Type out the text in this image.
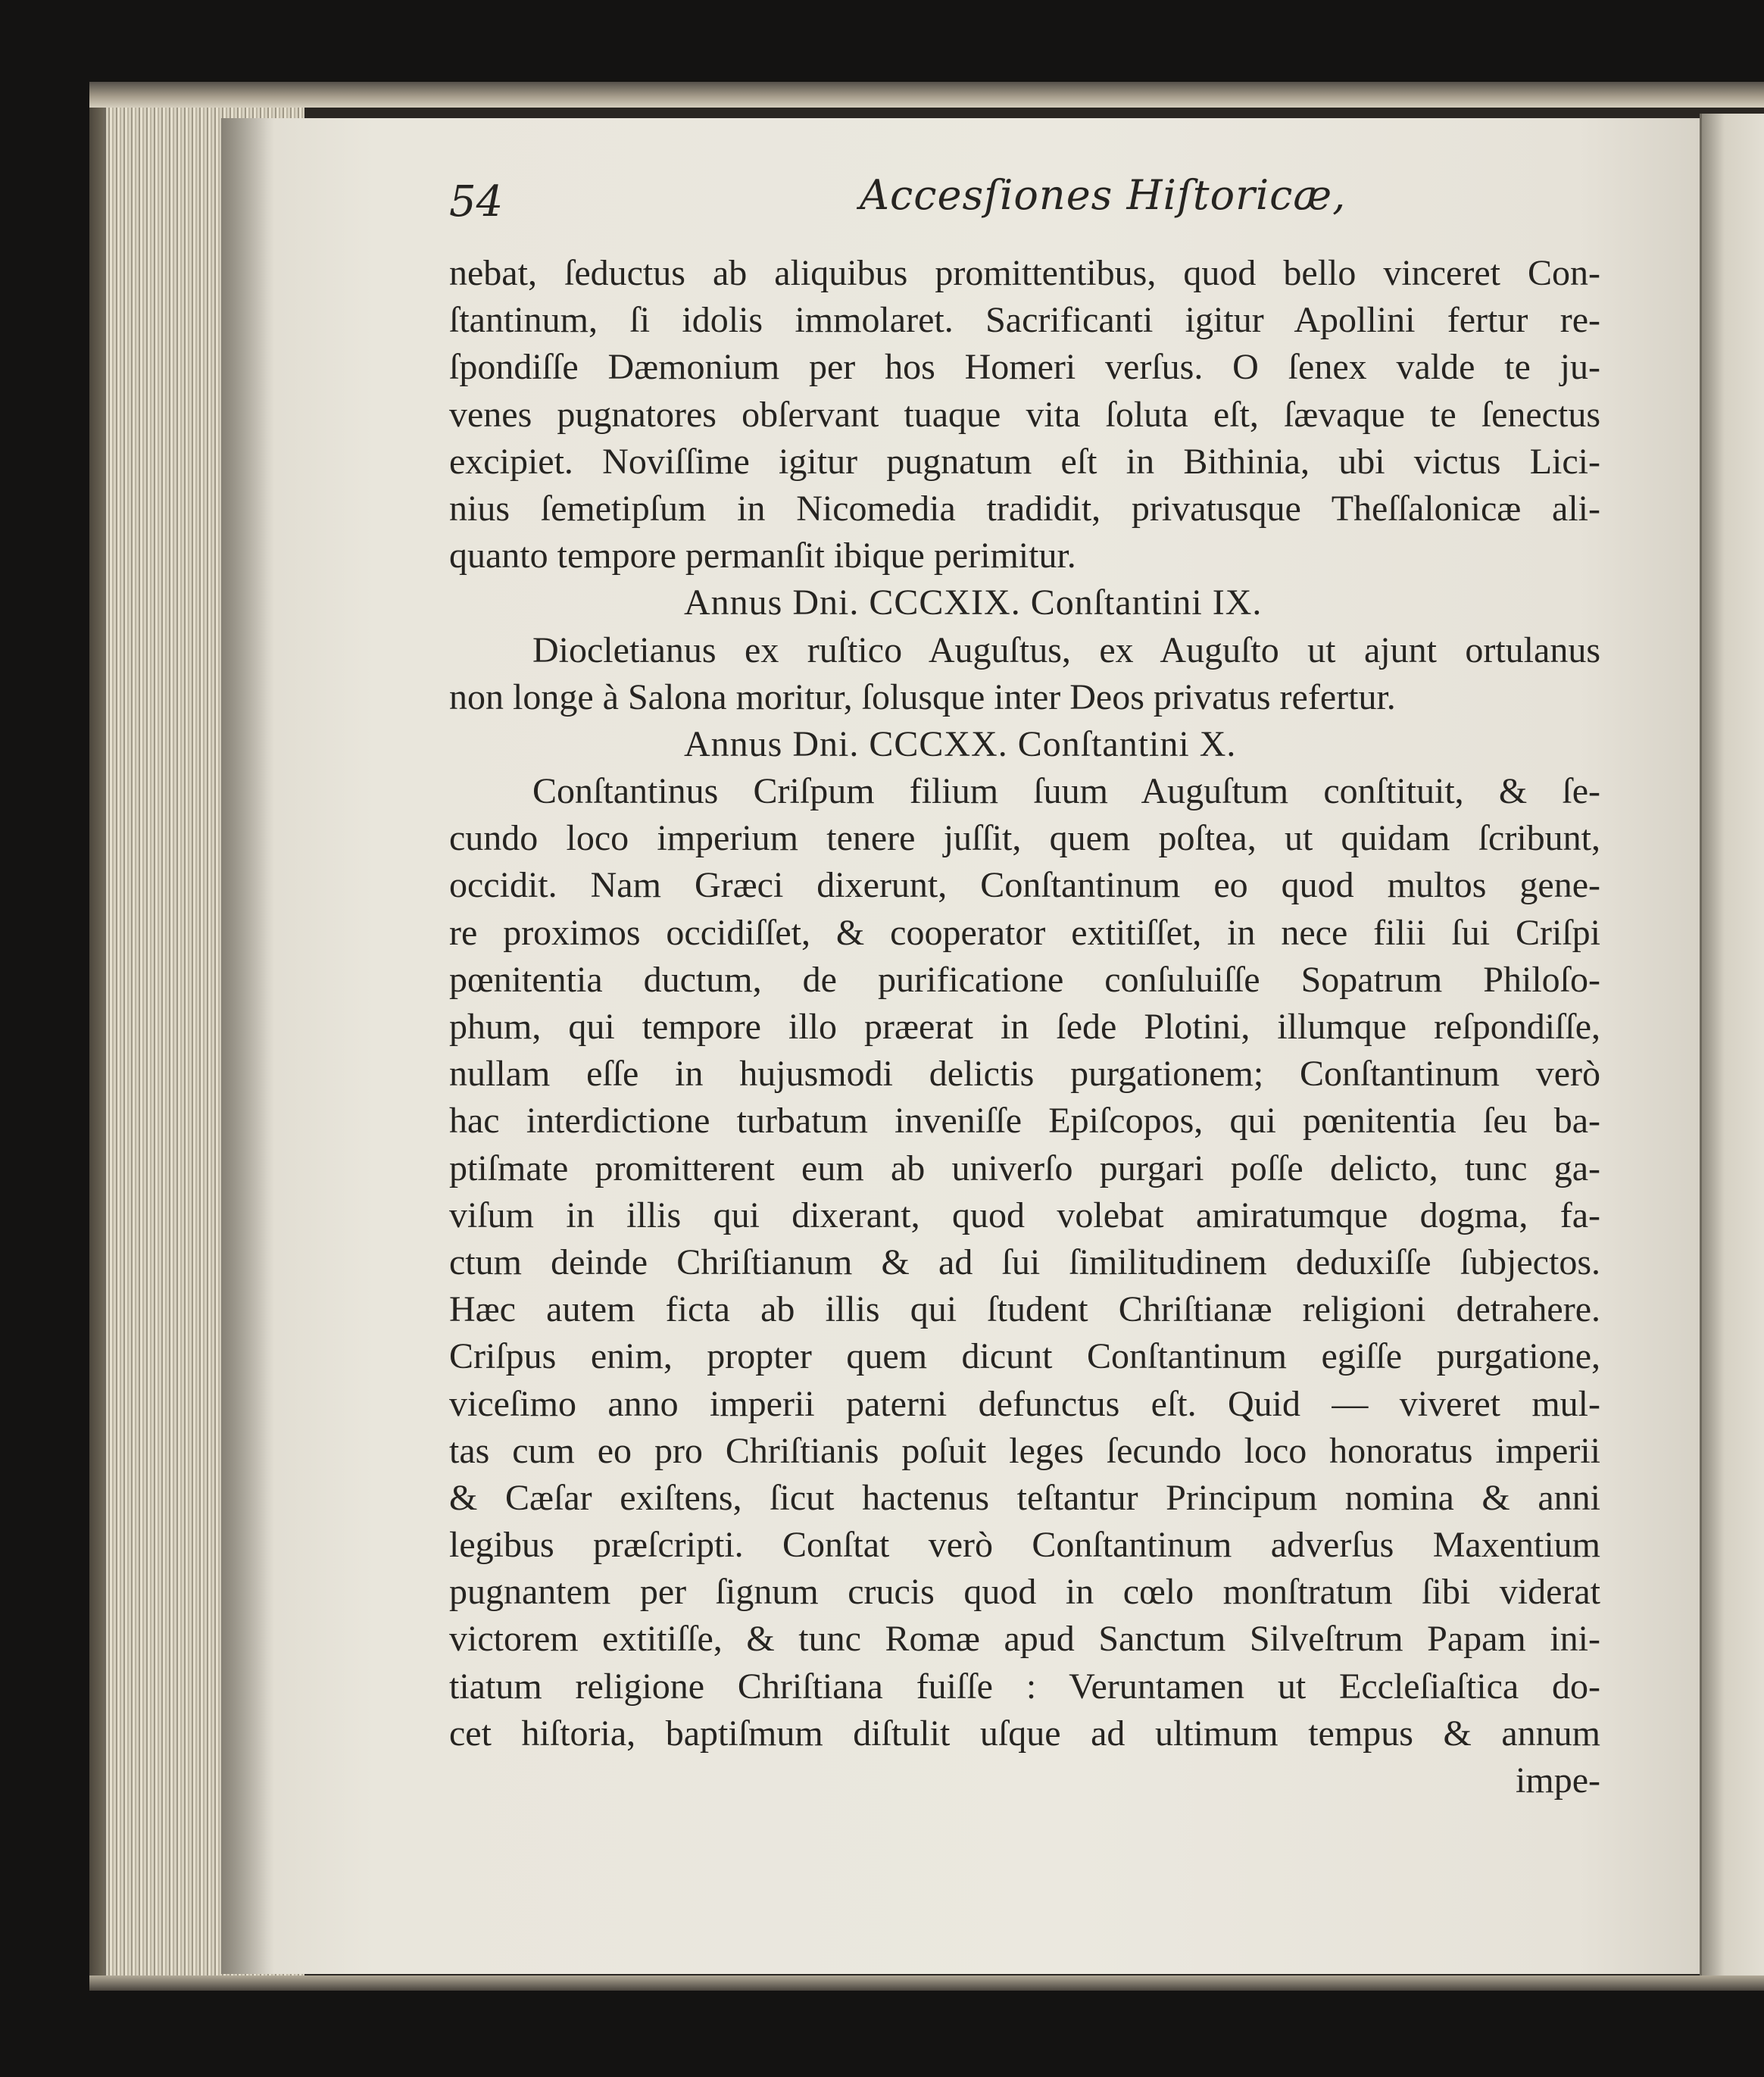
54	Accesſiones Hiſtoricæ,
nebat, ſeductus ab aliquibus promittentibus, quod bello vinceret Con-
ſtantinum, ſi idolis immolaret. Sacrificanti igitur Apollini fertur re-
ſpondiſſe Dæmonium per hos Homeri verſus. O ſenex valde te ju-
venes pugnatores obſervant tuaque vita ſoluta eſt, ſævaque te ſenectus
excipiet. Noviſſime igitur pugnatum eſt in Bithinia, ubi victus Lici-
nius ſemetipſum in Nicomedia tradidit, privatusque Theſſalonicæ ali-
quanto tempore permanſit ibique perimitur.
Annus Dni. CCCXIX. Conſtantini IX.
Diocletianus ex ruſtico Auguſtus, ex Auguſto ut ajunt ortulanus
non longe à Salona moritur, ſolusque inter Deos privatus refertur.
Annus Dni. CCCXX. Conſtantini X.
Conſtantinus Criſpum filium ſuum Auguſtum conſtituit, & ſe-
cundo loco imperium tenere juſſit, quem poſtea, ut quidam ſcribunt,
occidit. Nam Græci dixerunt, Conſtantinum eo quod multos gene-
re proximos occidiſſet, & cooperator extitiſſet, in nece filii ſui Criſpi
pœnitentia ductum, de purificatione conſuluiſſe Sopatrum Philoſo-
phum, qui tempore illo præerat in ſede Plotini, illumque reſpondiſſe,
nullam eſſe in hujusmodi delictis purgationem; Conſtantinum verò
hac interdictione turbatum inveniſſe Epiſcopos, qui pœnitentia ſeu ba-
ptiſmate promitterent eum ab univerſo purgari poſſe delicto, tunc ga-
viſum in illis qui dixerant, quod volebat amiratumque dogma, fa-
ctum deinde Chriſtianum & ad ſui ſimilitudinem deduxiſſe ſubjectos.
Hæc autem ficta ab illis qui ſtudent Chriſtianæ religioni detrahere.
Criſpus enim, propter quem dicunt Conſtantinum egiſſe purgatione,
viceſimo anno imperii paterni defunctus eſt. Quid — viveret mul-
tas cum eo pro Chriſtianis poſuit leges ſecundo loco honoratus imperii
& Cæſar exiſtens, ſicut hactenus teſtantur Principum nomina & anni
legibus præſcripti. Conſtat verò Conſtantinum adverſus Maxentium
pugnantem per ſignum crucis quod in cœlo monſtratum ſibi viderat
victorem extitiſſe, & tunc Romæ apud Sanctum Silveſtrum Papam ini-
tiatum religione Chriſtiana fuiſſe : Veruntamen ut Eccleſiaſtica do-
cet hiſtoria, baptiſmum diſtulit uſque ad ultimum tempus & annum
impe-
